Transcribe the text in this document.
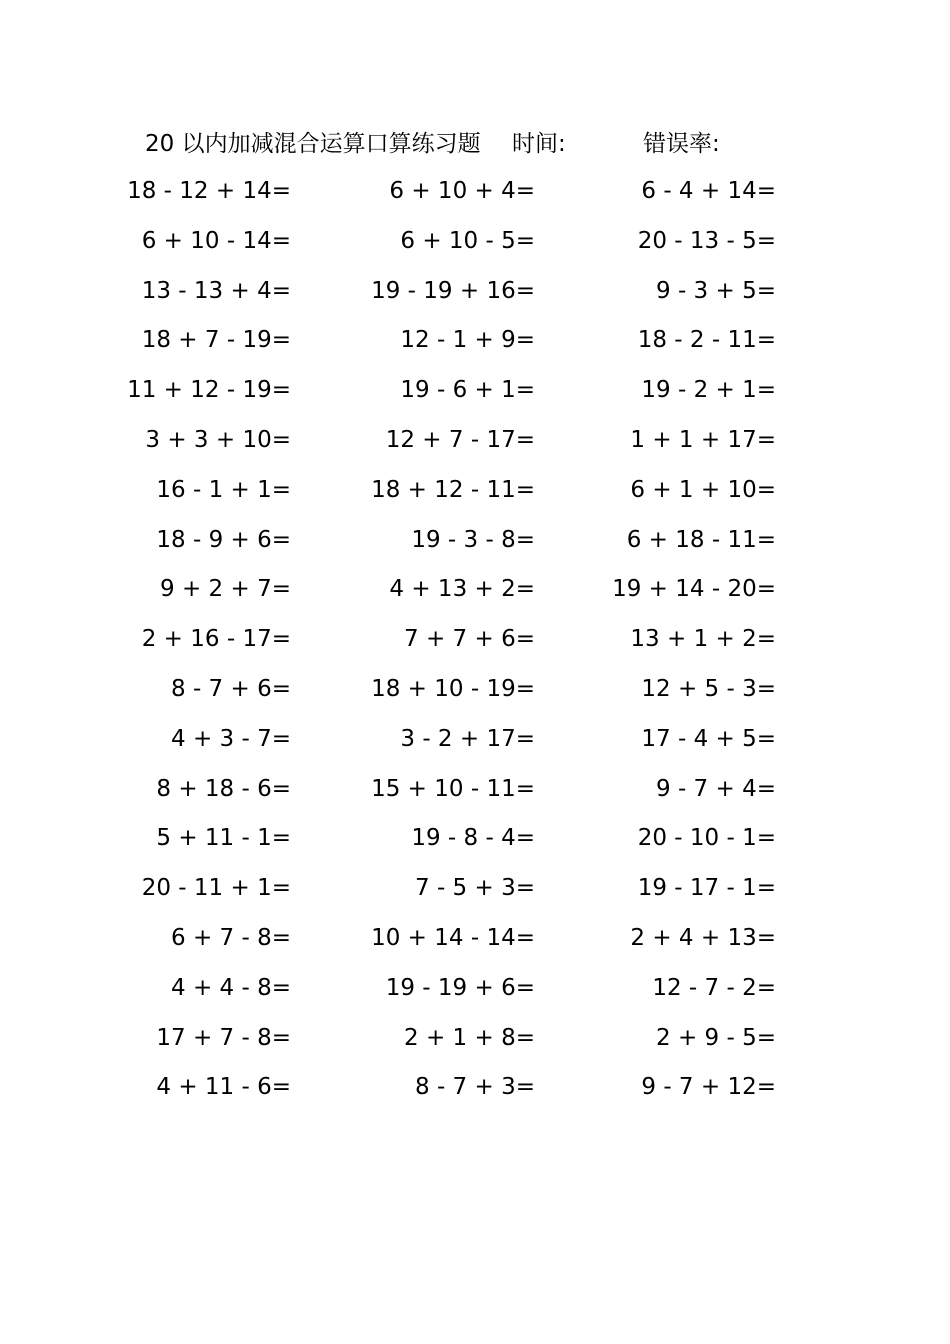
20 以内加减混合运算口算练习题 时间:	错误率:
18 - 12 + 14=	6 + 10 + 4=	6 - 4 + 14=
6 + 10 - 14=	6 + 10 - 5=	20 - 13 - 5=
13 - 13 + 4=	19 - 19 + 16=	9 - 3 + 5=
18 + 7 - 19=	12 - 1 + 9=	18 - 2 - 11=
11 + 12 - 19=	19 - 6 + 1=	19 - 2 + 1=
3 + 3 + 10=	12 + 7 - 17=	1 + 1 + 17=
16 - 1 + 1=	18 + 12 - 11=	6 + 1 + 10=
18 - 9 + 6=	19 - 3 - 8=	6 + 18 - 11=
9 + 2 + 7=	4 + 13 + 2=	19 + 14 - 20=
2 + 16 - 17=	7 + 7 + 6=	13 + 1 + 2=
8 - 7 + 6=	18 + 10 - 19=	12 + 5 - 3=
4 + 3 - 7=	3 - 2 + 17=	17 - 4 + 5=
8 + 18 - 6=	15 + 10 - 11=	9 - 7 + 4=
5 + 11 - 1=	19 - 8 - 4=	20 - 10 - 1=
20 - 11 + 1=	7 - 5 + 3=	19 - 17 - 1=
6 + 7 - 8=	10 + 14 - 14=	2 + 4 + 13=
4 + 4 - 8=	19 - 19 + 6=	12 - 7 - 2=
17 + 7 - 8=	2 + 1 + 8=	2 + 9 - 5=
4 + 11 - 6=	8 - 7 + 3=	9 - 7 + 12=
